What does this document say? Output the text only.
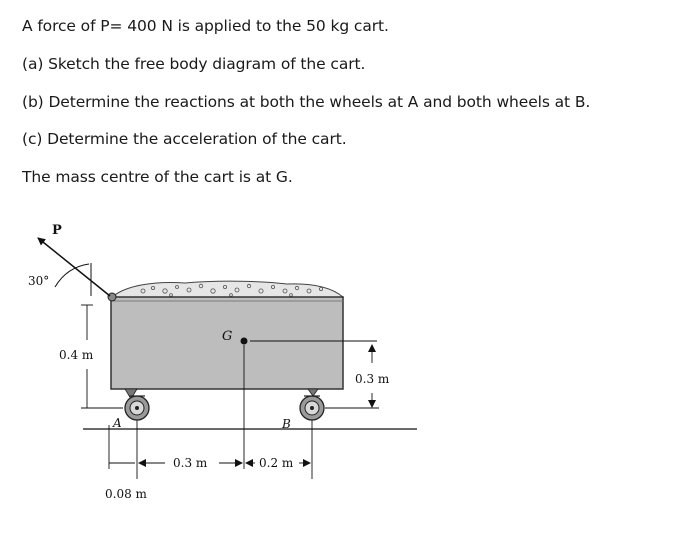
A force of P= 400 N is applied to the 50 kg cart.
(a) Sketch the free body diagram of the cart.
(b) Determine the reactions at both the wheels at A and both wheels at B.
(c) Determine the acceleration of the cart.
The mass centre of the cart is at G.
P
30°
0.4 m
G
0.3 m
A	B
0.3 m	0.2 m
0.08 m
